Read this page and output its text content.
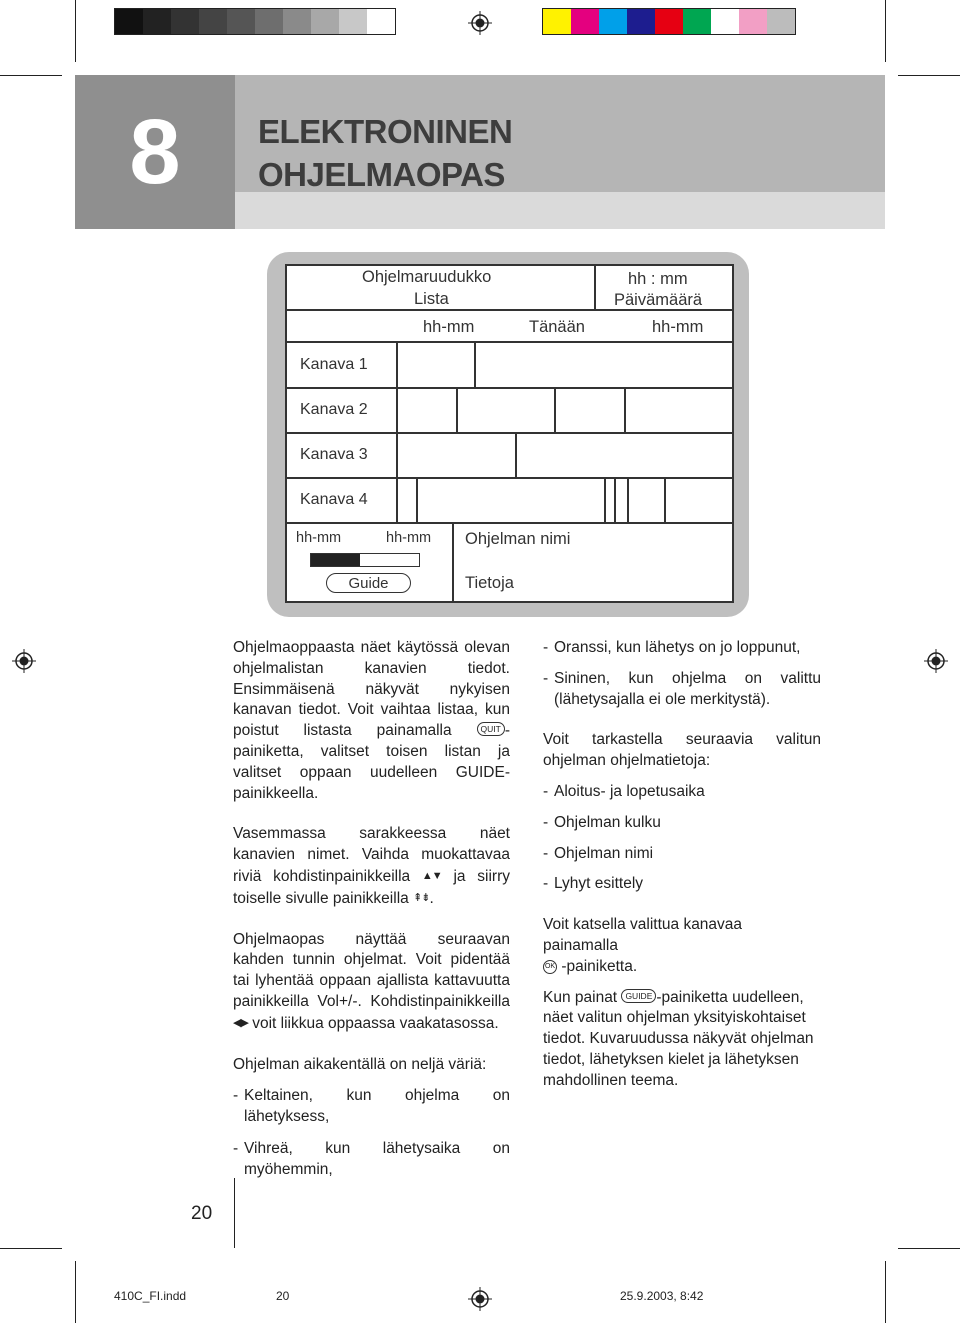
8	ELEKTRONINEN
OHJELMAOPAS
Ohjelmaruudukko
Lista
hh : mm
Päivämäärä
hh-mm	Tänään	hh-mm
Kanava 1
Kanava 2
Kanava 3
Kanava 4
hh-mm	hh-mm Ohjelman nimi
Tietoja
Guide

Ohjelmaoppaasta näet käytössä olevan ohjelmalistan kanavien tiedot. Ensimmäisenä näkyvät nykyisen kanavan tiedot. Voit vaihtaa listaa, kun poistut listasta painamalla	QUIT -painiketta, valitset toisen listan ja valitset oppaan uudelleen GUIDE-painikkeella.

Vasemmassa sarakkeessa näet kanavien nimet. Vaihda muokattavaa riviä kohdistinpainikkeilla ▲▼ ja siirry toiselle sivulle painikkeilla ⇞⇟.

Ohjelmaopas näyttää seuraavan kahden tunnin ohjelmat. Voit pidentää tai lyhentää oppaan ajallista kattavuutta painikkeilla Vol+/-. Kohdistinpainikkeilla ◀▶ voit liikkua oppaassa vaakatasossa.

Ohjelman aikakentällä on neljä väriä:

- Keltainen, kun ohjelma on lähetyksess,
- Vihreä, kun lähetysaika on myöhemmin,
- Oranssi, kun lähetys on jo loppunut,
- Sininen, kun ohjelma on valittu (lähetysajalla ei ole merkitystä).

Voit tarkastella seuraavia valitun ohjelman ohjelmatietoja:

- Aloitus- ja lopetusaika
- Ohjelman kulku
- Ohjelman nimi
- Lyhyt esittely

Voit katsella valittua kanavaa painamalla
OK -painiketta.

Kun painat GUIDE -painiketta uudelleen, näet valitun ohjelman yksityiskohtaiset tiedot. Kuvaruudussa näkyvät ohjelman tiedot, lähetyksen kielet ja lähetyksen mahdollinen teema.

20
410C_FI.indd	20	25.9.2003, 8:42
